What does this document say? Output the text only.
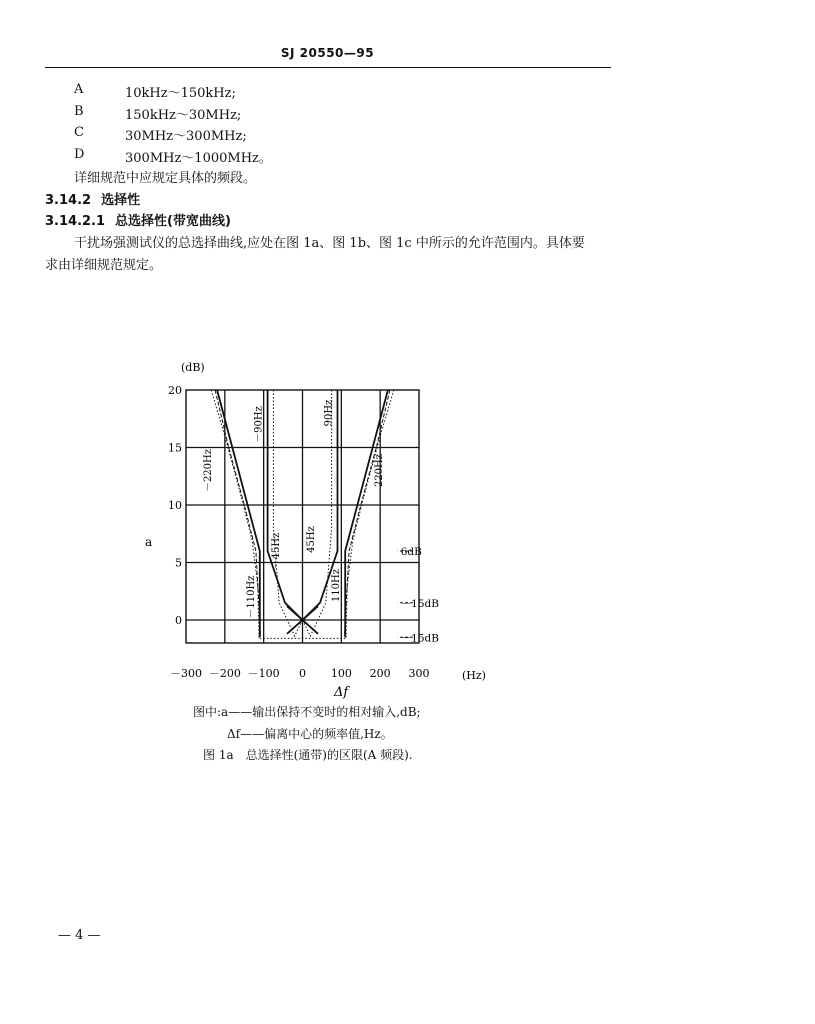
SJ 20550—95
A	10kHz～150kHz;
B	150kHz～30MHz;
C	30MHz～300MHz;
D	300MHz～1000MHz。
详细规范中应规定具体的频段。
3.14.2 选择性
3.14.2.1 总选择性(带宽曲线)
干扰场强测试仪的总选择曲线,应处在图 1a、图 1b、图 1c 中所示的允许范围内。具体要
求由详细规范规定。
0
5
10
15
20
－300 －200 －100 0 100 200 300
－220Hz
－110Hz
－90Hz
－45Hz 45Hz
90Hz
110Hz
220Hz
6dB
－15dB
－15dB
(dB)
a
(Hz)
Δf
图中:a——输出保持不变时的相对输入,dB;
Δf——偏离中心的频率值,Hz。
图 1a　总选择性(通带)的区限(A 频段).
— 4 —
